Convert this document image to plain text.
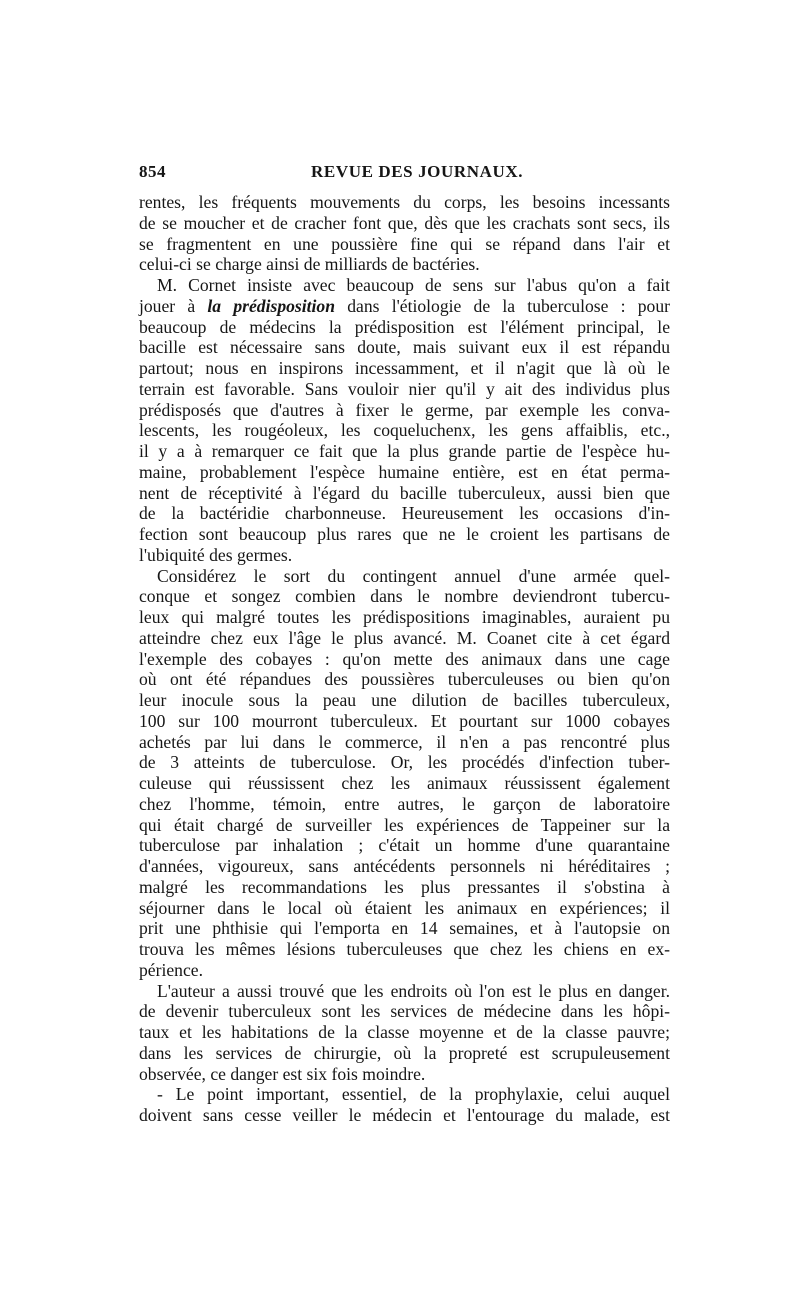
854	REVUE DES JOURNAUX.
rentes, les fréquents mouvements du corps, les besoins incessants
de se moucher et de cracher font que, dès que les crachats sont secs, ils
se fragmentent en une poussière fine qui se répand dans l'air et
celui-ci se charge ainsi de milliards de bactéries.
M. Cornet insiste avec beaucoup de sens sur l'abus qu'on a fait
jouer à la prédisposition dans l'étiologie de la tuberculose : pour
beaucoup de médecins la prédisposition est l'élément principal, le
bacille est nécessaire sans doute, mais suivant eux il est répandu
partout; nous en inspirons incessamment, et il n'agit que là où le
terrain est favorable. Sans vouloir nier qu'il y ait des individus plus
prédisposés que d'autres à fixer le germe, par exemple les conva-
lescents, les rougéoleux, les coqueluchenx, les gens affaiblis, etc.,
il y a à remarquer ce fait que la plus grande partie de l'espèce hu-
maine, probablement l'espèce humaine entière, est en état perma-
nent de réceptivité à l'égard du bacille tuberculeux, aussi bien que
de la bactéridie charbonneuse. Heureusement les occasions d'in-
fection sont beaucoup plus rares que ne le croient les partisans de
l'ubiquité des germes.
Considérez le sort du contingent annuel d'une armée quel-
conque et songez combien dans le nombre deviendront tubercu-
leux qui malgré toutes les prédispositions imaginables, auraient pu
atteindre chez eux l'âge le plus avancé. M. Coanet cite à cet égard
l'exemple des cobayes : qu'on mette des animaux dans une cage
où ont été répandues des poussières tuberculeuses ou bien qu'on
leur inocule sous la peau une dilution de bacilles tuberculeux,
100 sur 100 mourront tuberculeux. Et pourtant sur 1000 cobayes
achetés par lui dans le commerce, il n'en a pas rencontré plus
de 3 atteints de tuberculose. Or, les procédés d'infection tuber-
culeuse qui réussissent chez les animaux réussissent également
chez l'homme, témoin, entre autres, le garçon de laboratoire
qui était chargé de surveiller les expériences de Tappeiner sur la
tuberculose par inhalation ; c'était un homme d'une quarantaine
d'années, vigoureux, sans antécédents personnels ni héréditaires ;
malgré les recommandations les plus pressantes il s'obstina à
séjourner dans le local où étaient les animaux en expériences; il
prit une phthisie qui l'emporta en 14 semaines, et à l'autopsie on
trouva les mêmes lésions tuberculeuses que chez les chiens en ex-
périence.
L'auteur a aussi trouvé que les endroits où l'on est le plus en danger.
de devenir tuberculeux sont les services de médecine dans les hôpi-
taux et les habitations de la classe moyenne et de la classe pauvre;
dans les services de chirurgie, où la propreté est scrupuleusement
observée, ce danger est six fois moindre.
- Le point important, essentiel, de la prophylaxie, celui auquel
doivent sans cesse veiller le médecin et l'entourage du malade, est
